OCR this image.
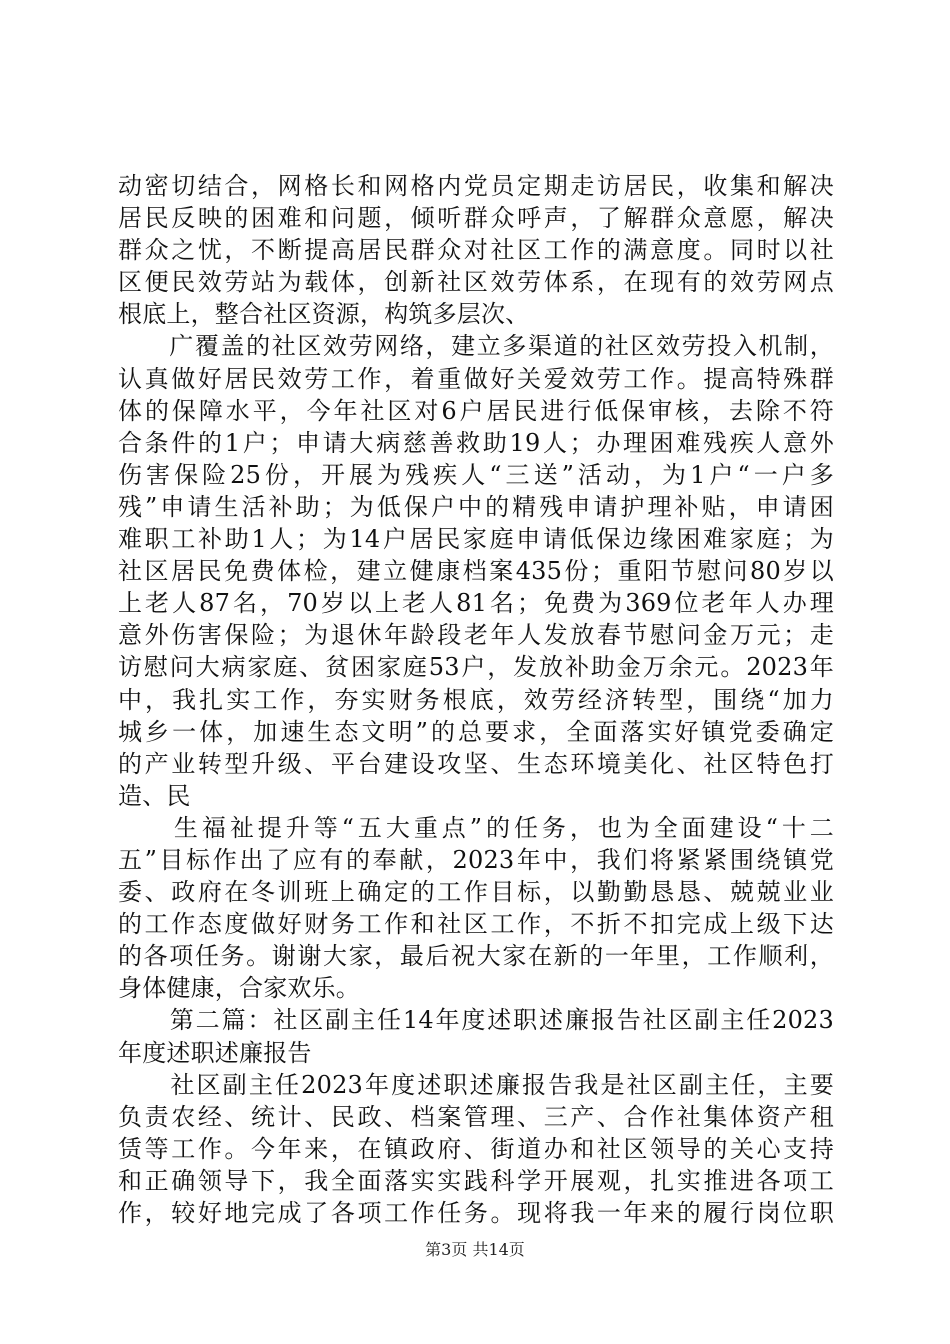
动密切结合，网格长和网格内党员定期走访居民，收集和解决
居民反映的困难和问题，倾听群众呼声，了解群众意愿，解决
群众之忧，不断提高居民群众对社区工作的满意度。同时以社
区便民效劳站为载体，创新社区效劳体系，在现有的效劳网点
根底上，整合社区资源，构筑多层次、
　　广覆盖的社区效劳网络，建立多渠道的社区效劳投入机制，
认真做好居民效劳工作，着重做好关爱效劳工作。提高特殊群
体的保障水平，今年社区对6户居民进行低保审核，去除不符
合条件的1户；申请大病慈善救助19人；办理困难残疾人意外
伤害保险25份，开展为残疾人“三送”活动，为1户“一户多
残”申请生活补助；为低保户中的精残申请护理补贴，申请困
难职工补助1人；为14户居民家庭申请低保边缘困难家庭；为
社区居民免费体检，建立健康档案435份；重阳节慰问80岁以
上老人87名，70岁以上老人81名；免费为369位老年人办理
意外伤害保险；为退休年龄段老年人发放春节慰问金万元；走
访慰问大病家庭、贫困家庭53户，发放补助金万余元。2023年
中，我扎实工作，夯实财务根底，效劳经济转型，围绕“加力
城乡一体，加速生态文明”的总要求，全面落实好镇党委确定
的产业转型升级、平台建设攻坚、生态环境美化、社区特色打
造、民
　　生福祉提升等“五大重点”的任务，也为全面建设“十二
五”目标作出了应有的奉献，2023年中，我们将紧紧围绕镇党
委、政府在冬训班上确定的工作目标，以勤勤恳恳、兢兢业业
的工作态度做好财务工作和社区工作，不折不扣完成上级下达
的各项任务。谢谢大家，最后祝大家在新的一年里，工作顺利，
身体健康，合家欢乐。
　　第二篇：社区副主任14年度述职述廉报告社区副主任2023
年度述职述廉报告
　　社区副主任2023年度述职述廉报告我是社区副主任，主要
负责农经、统计、民政、档案管理、三产、合作社集体资产租
赁等工作。今年来，在镇政府、街道办和社区领导的关心支持
和正确领导下，我全面落实实践科学开展观，扎实推进各项工
作，较好地完成了各项工作任务。现将我一年来的履行岗位职
第3页 共14页
